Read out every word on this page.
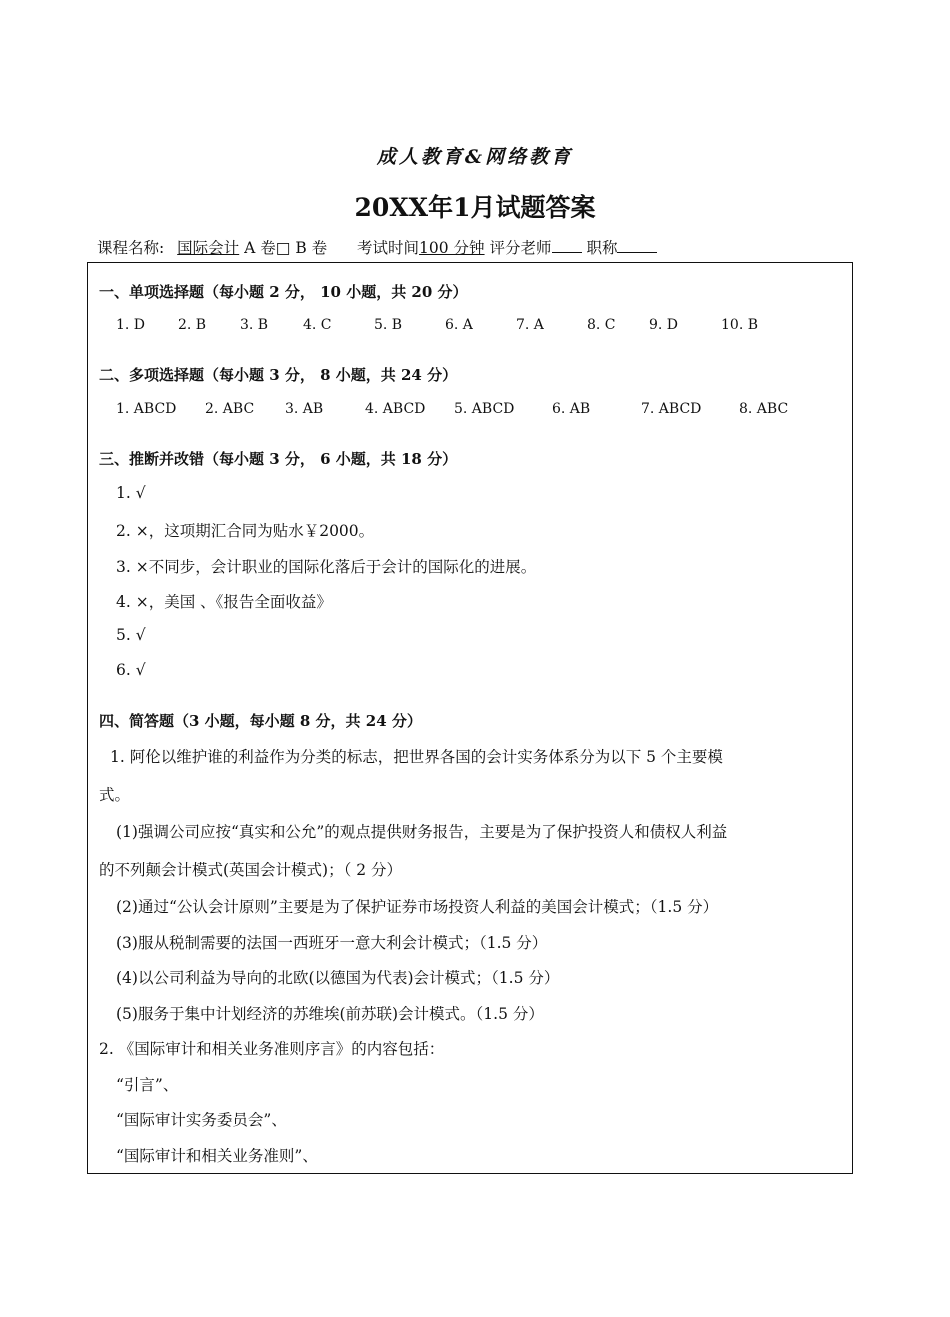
成人教育&网络教育
20XX年1月试题答案
课程名称: 国际会计 A 卷□ B 卷 考试时间100 分钟 评分老师 职称
一、单项选择题（每小题 2 分， 10 小题，共 20 分）
1. D 2. B 3. B 4. C	5. B	6. A	7. A	8. C 9. D	10. B
二、多项选择题（每小题 3 分， 8 小题，共 24 分）
1. ABCD 2. ABC 3. AB	4. ABCD 5. ABCD	6. AB	7. ABCD	8. ABC
三、推断并改错（每小题 3 分， 6 小题，共 18 分）
1. √
2. ×，这项期汇合同为贴水￥2000。
3. ×不同步，会计职业的国际化落后于会计的国际化的进展。
4. ×，美国 、《报告全面收益》
5. √
6. √
四、简答题（3 小题，每小题 8 分，共 24 分）
1. 阿伦以维护谁的利益作为分类的标志，把世界各国的会计实务体系分为以下 5 个主要模
式。
(1)强调公司应按“真实和公允”的观点提供财务报告，主要是为了保护投资人和债权人利益
的不列颠会计模式(英国会计模式)；（ 2 分）
(2)通过“公认会计原则”主要是为了保护证券市场投资人利益的美国会计模式；（1.5 分）
(3)服从税制需要的法国一西班牙一意大利会计模式；（1.5 分）
(4)以公司利益为导向的北欧(以德国为代表)会计模式；（1.5 分）
(5)服务于集中计划经济的苏维埃(前苏联)会计模式。（1.5 分）
2. 《国际审计和相关业务准则序言》的内容包括：
“引言”、
“国际审计实务委员会”、
“国际审计和相关业务准则”、
